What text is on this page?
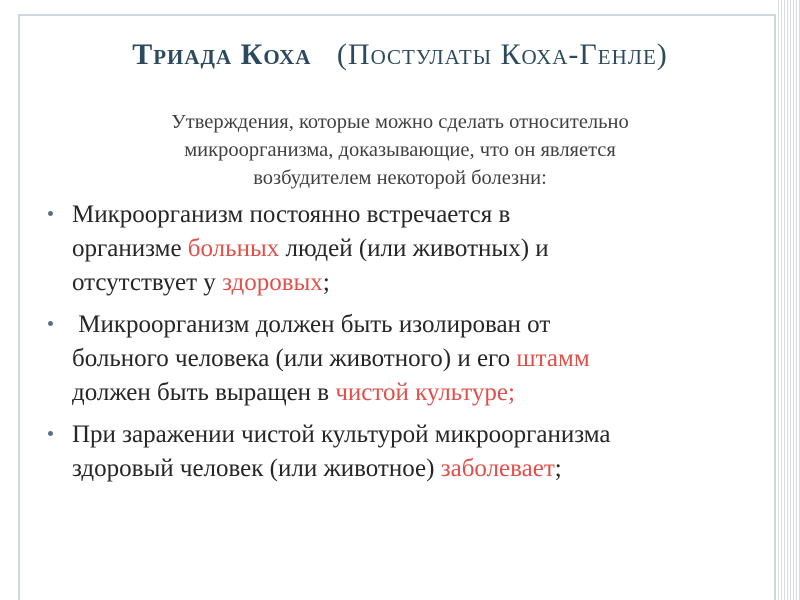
Триада Коха (Постулаты Коха-Генле)
Утверждения, которые можно сделать относительно
микроорганизма, доказывающие, что он является
возбудителем некоторой болезни:
Микроорганизм постоянно встречается в
организме больных людей (или животных) и
отсутствует у здоровых;
Микроорганизм должен быть изолирован от
больного человека (или животного) и его штамм
должен быть выращен в чистой культуре;
При заражении чистой культурой микроорганизма
здоровый человек (или животное) заболевает;
